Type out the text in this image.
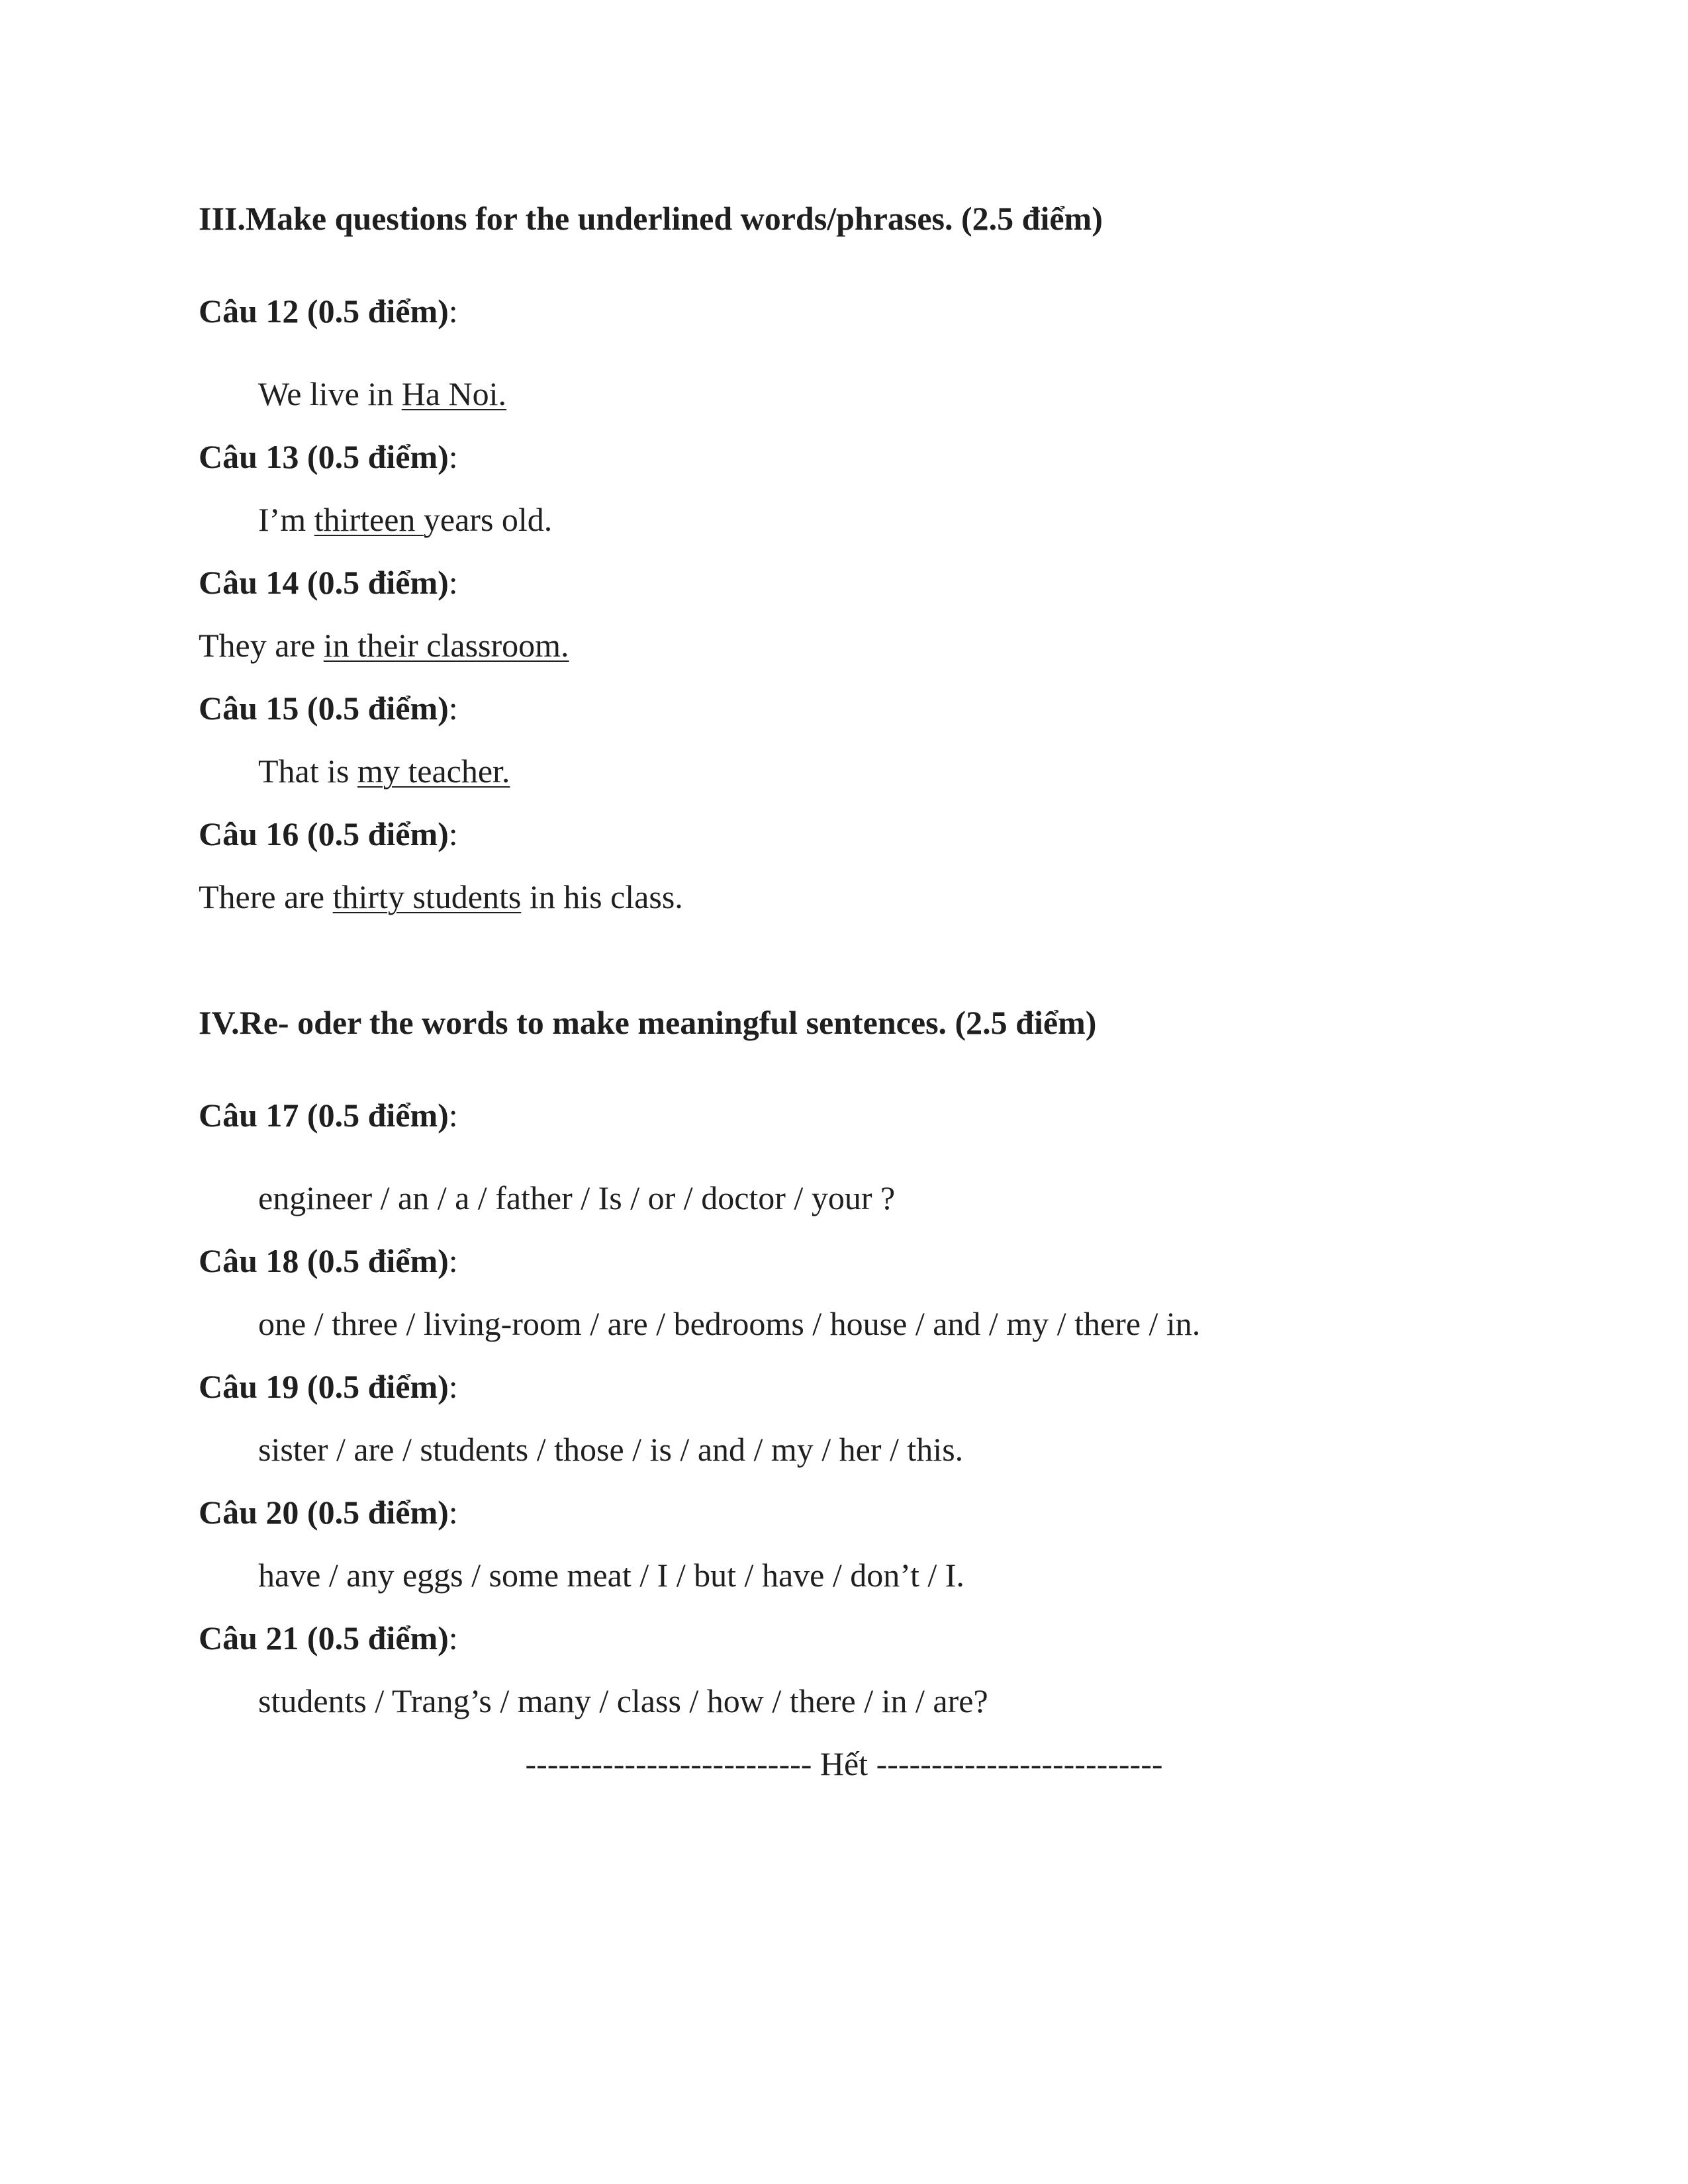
III.Make questions for the underlined words/phrases. (2.5 điểm)
Câu 12 (0.5 điểm):
We live in Ha Noi.
Câu 13 (0.5 điểm):
I’m thirteen years old.
Câu 14 (0.5 điểm):
They are in their classroom.
Câu 15 (0.5 điểm):
That is my teacher.
Câu 16 (0.5 điểm):
There are thirty students in his class.
IV.Re- oder the words to make meaningful sentences. (2.5 điểm)
Câu 17 (0.5 điểm):
engineer / an / a / father / Is / or / doctor / your ?
Câu 18 (0.5 điểm):
one / three / living-room / are / bedrooms / house / and / my / there / in.
Câu 19 (0.5 điểm):
sister / are / students / those / is / and / my / her / this.
Câu 20 (0.5 điểm):
have / any eggs / some meat / I / but / have / don’t / I.
Câu 21 (0.5 điểm):
students / Trang’s / many / class / how / there / in / are?
-------------------------- Hết --------------------------
